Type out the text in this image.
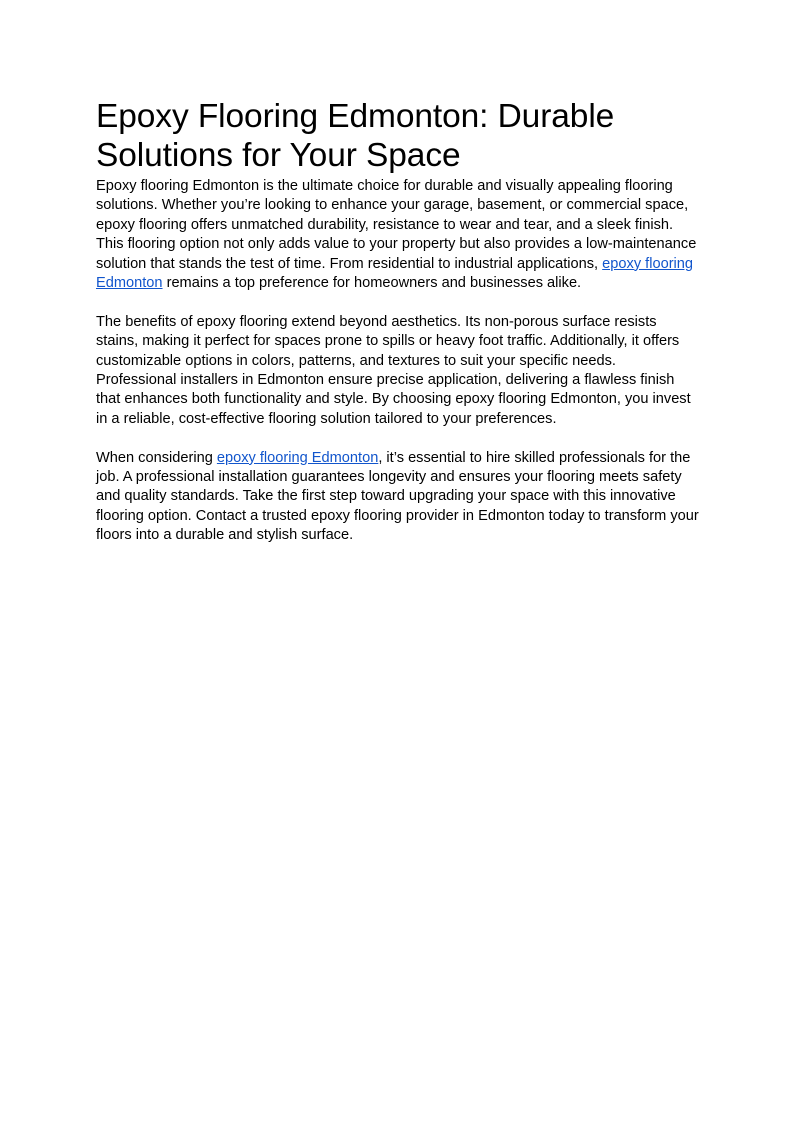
Epoxy Flooring Edmonton: Durable Solutions for Your Space

Epoxy flooring Edmonton is the ultimate choice for durable and visually appealing flooring solutions. Whether you’re looking to enhance your garage, basement, or commercial space, epoxy flooring offers unmatched durability, resistance to wear and tear, and a sleek finish. This flooring option not only adds value to your property but also provides a low-maintenance solution that stands the test of time. From residential to industrial applications, epoxy flooring Edmonton remains a top preference for homeowners and businesses alike.

The benefits of epoxy flooring extend beyond aesthetics. Its non-porous surface resists stains, making it perfect for spaces prone to spills or heavy foot traffic. Additionally, it offers customizable options in colors, patterns, and textures to suit your specific needs. Professional installers in Edmonton ensure precise application, delivering a flawless finish that enhances both functionality and style. By choosing epoxy flooring Edmonton, you invest in a reliable, cost-effective flooring solution tailored to your preferences.

When considering epoxy flooring Edmonton, it’s essential to hire skilled professionals for the job. A professional installation guarantees longevity and ensures your flooring meets safety and quality standards. Take the first step toward upgrading your space with this innovative flooring option. Contact a trusted epoxy flooring provider in Edmonton today to transform your floors into a durable and stylish surface.
